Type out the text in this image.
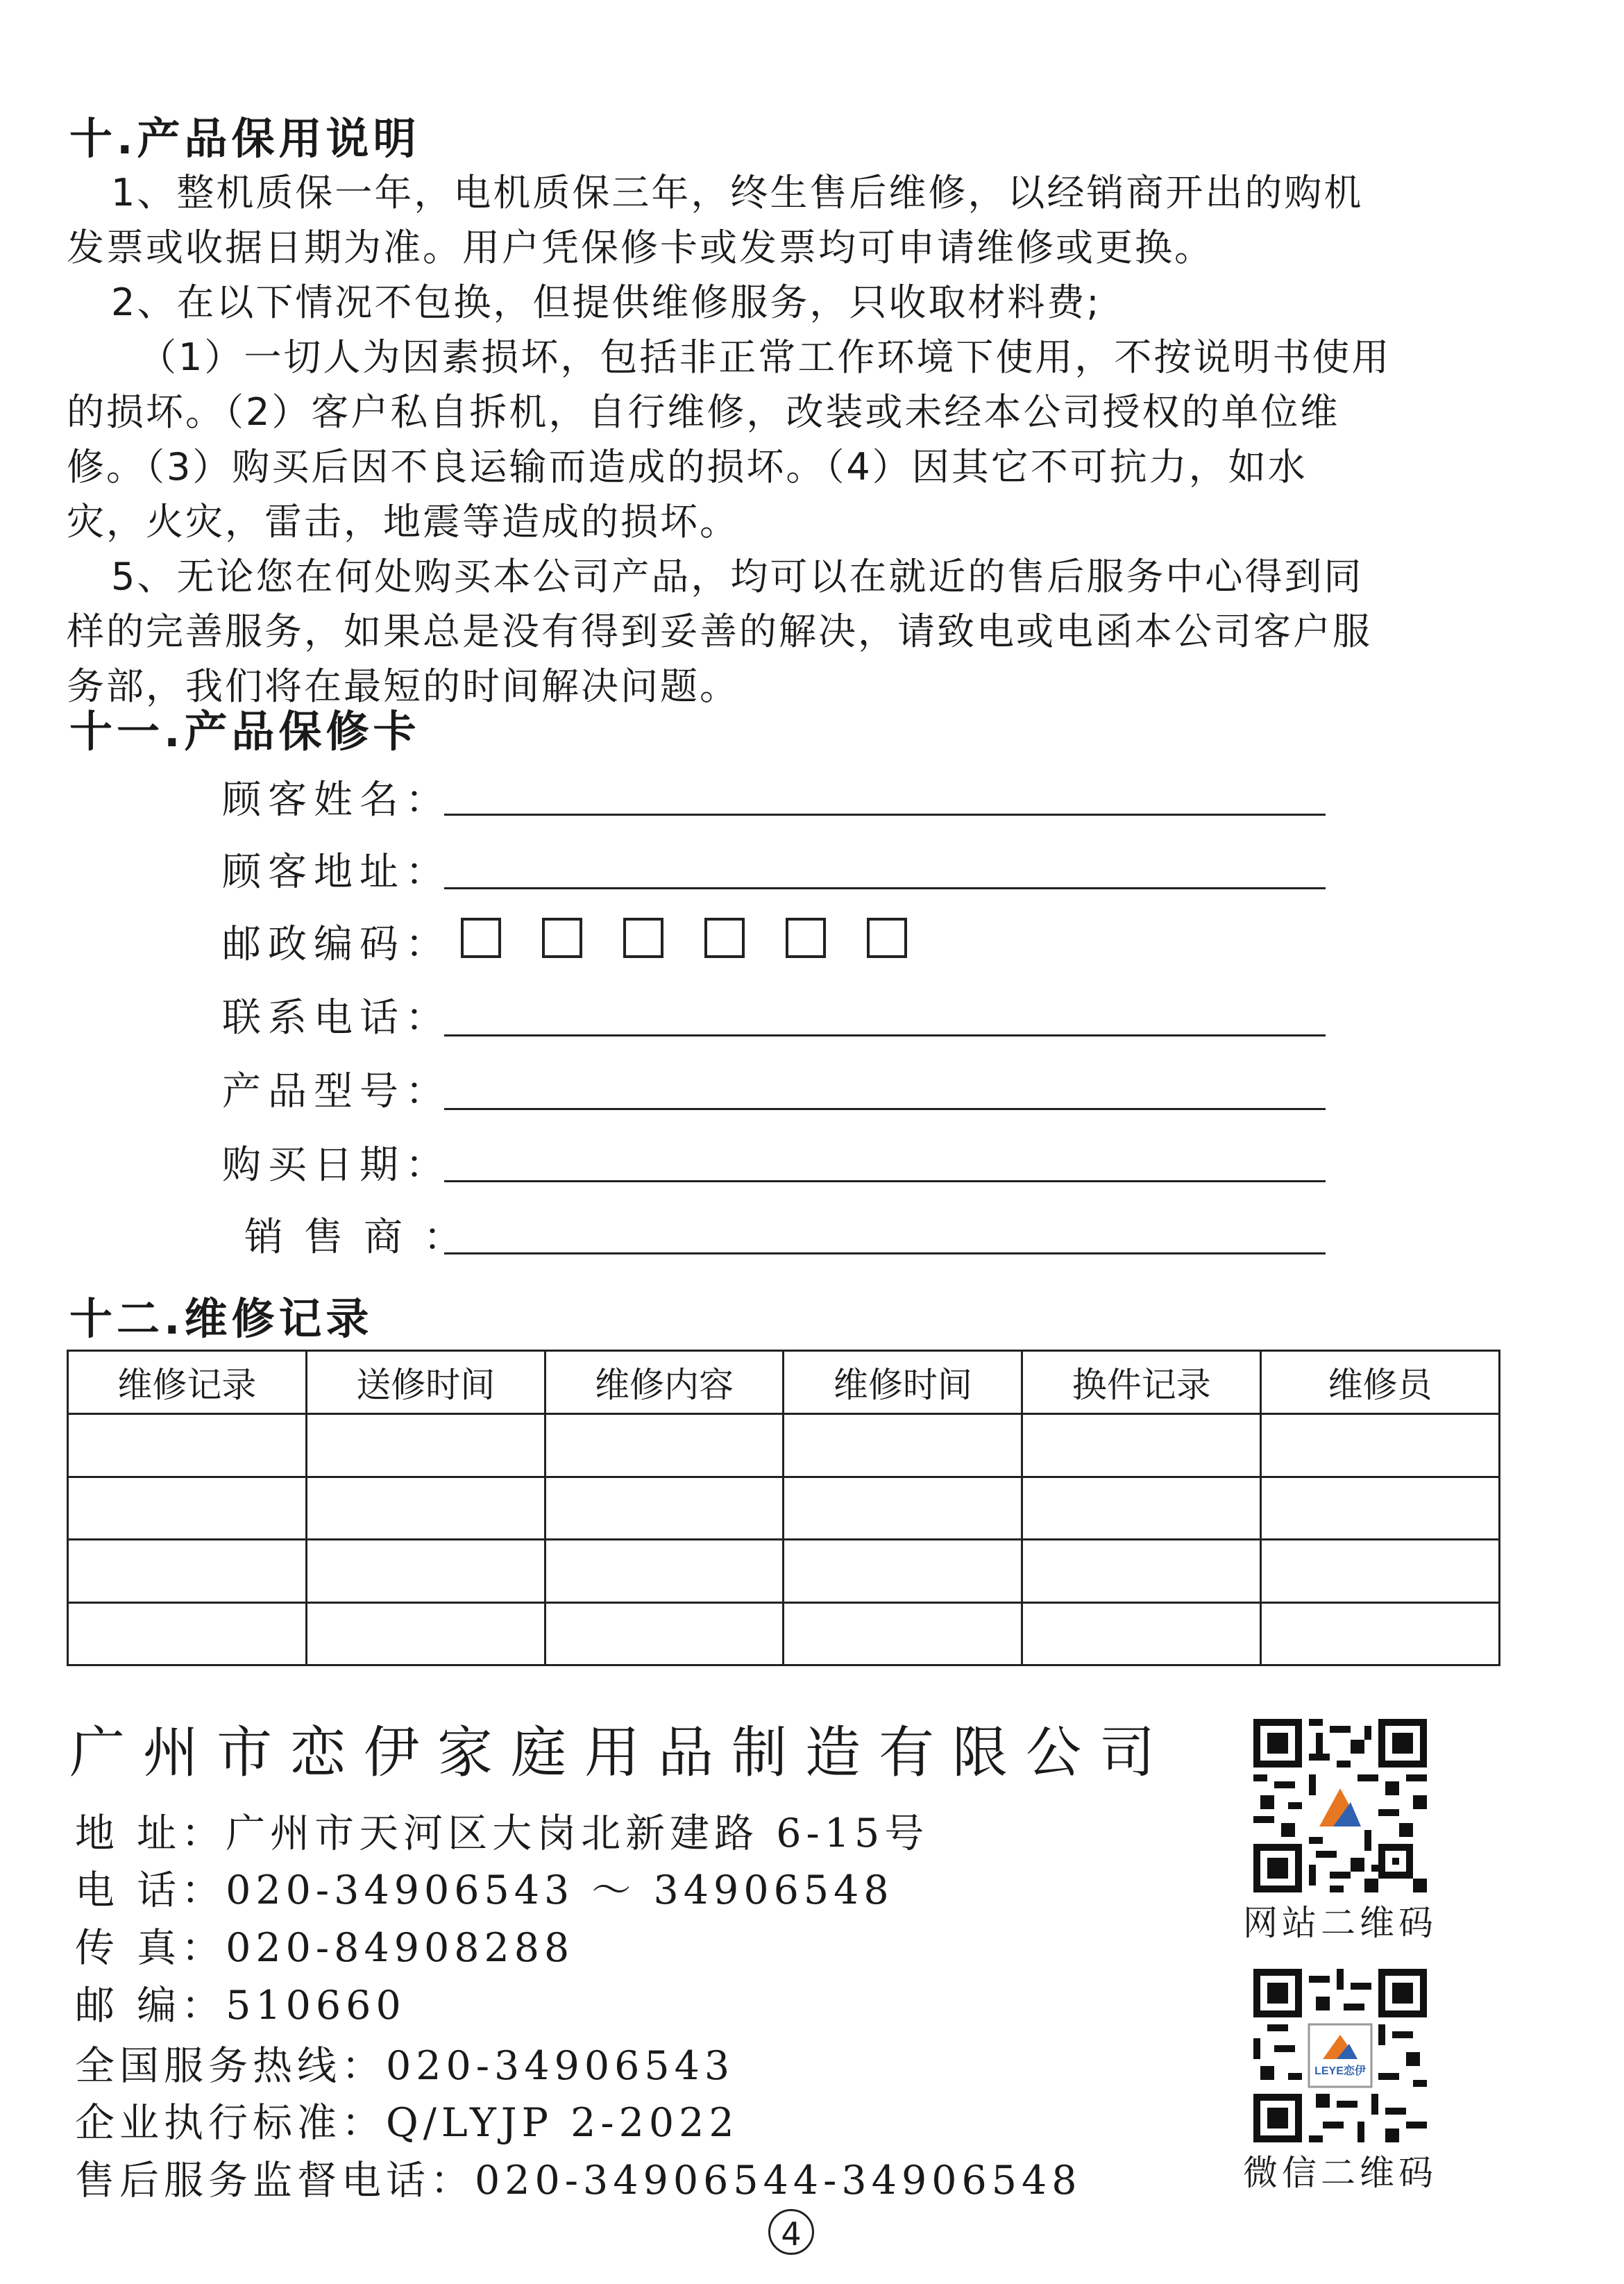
十.产品保用说明

1、整机质保一年，电机质保三年，终生售后维修，以经销商开出的购机

发票或收据日期为准。用户凭保修卡或发票均可申请维修或更换。

2、在以下情况不包换，但提供维修服务，只收取材料费;

（1）一切人为因素损坏，包括非正常工作环境下使用，不按说明书使用

的损坏。（2）客户私自拆机，自行维修，改装或未经本公司授权的单位维

修。（3）购买后因不良运输而造成的损坏。（4）因其它不可抗力，如水

灾，火灾，雷击，地震等造成的损坏。

5、无论您在何处购买本公司产品，均可以在就近的售后服务中心得到同

样的完善服务，如果总是没有得到妥善的解决，请致电或电函本公司客户服

务部，我们将在最短的时间解决问题。

十一.产品保修卡
顾客姓名：
顾客地址：
邮政编码：
联系电话：
产品型号：
购买日期：
销售商：
十二.维修记录
维修记录	送修时间	维修内容	维修时间	换件记录	维修员

广州市恋伊家庭用品制造有限公司
地 址：广州市天河区大岗北新建路 6-15号
电 话：020-34906543 ～ 34906548
传 真：020-84908288
邮 编：510660
全国服务热线：020-34906543
企业执行标准：Q/LYJP 2-2022
售后服务监督电话：020-34906544-34906548
网站二维码
LEYE恋伊
微信二维码
4
